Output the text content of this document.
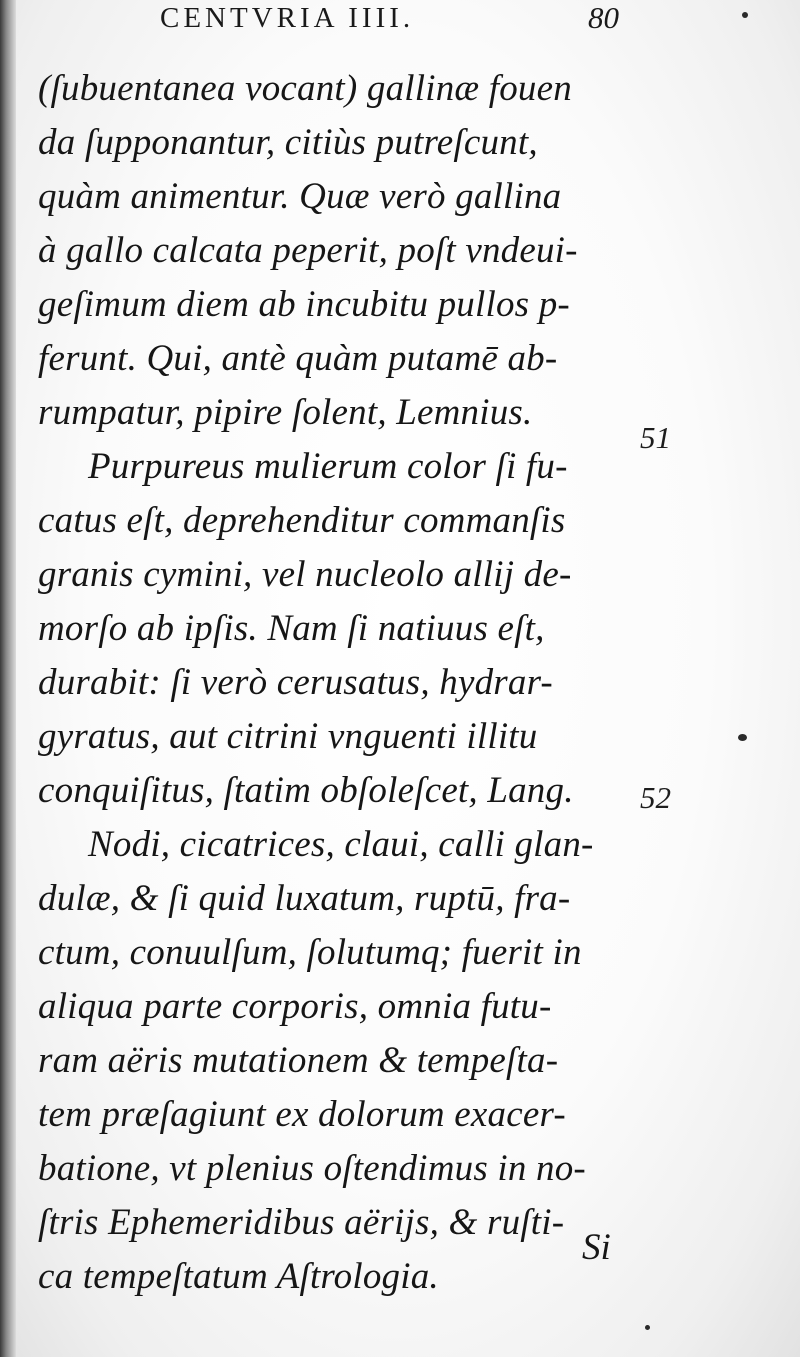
CENTVRIA IIII.	80
(ſubuentanea vocant) gallinæ fouen
da ſupponantur, citiùs putreſcunt,
quàm animentur. Quæ verò gallina
à gallo calcata peperit, poſt vndeui-
geſimum diem ab incubitu pullos p-
ferunt. Qui, antè quàm putamē ab-
rumpatur, pipire ſolent, Lemnius.
Purpureus mulierum color ſi fu-
catus eſt, deprehenditur commanſis
granis cymini, vel nucleolo allij de-
morſo ab ipſis. Nam ſi natiuus eſt,
durabit: ſi verò cerusatus, hydrar-
gyratus, aut citrini vnguenti illitu
conquiſitus, ſtatim obſoleſcet, Lang.
Nodi, cicatrices, claui, calli glan-
dulæ, & ſi quid luxatum, ruptū, fra-
ctum, conuulſum, ſolutumq; fuerit in
aliqua parte corporis, omnia futu-
ram aëris mutationem & tempeſta-
tem præſagiunt ex dolorum exacer-
batione, vt plenius oſtendimus in no-
ſtris Ephemeridibus aërijs, & ruſti-
ca tempeſtatum Aſtrologia.
51
52
Si
